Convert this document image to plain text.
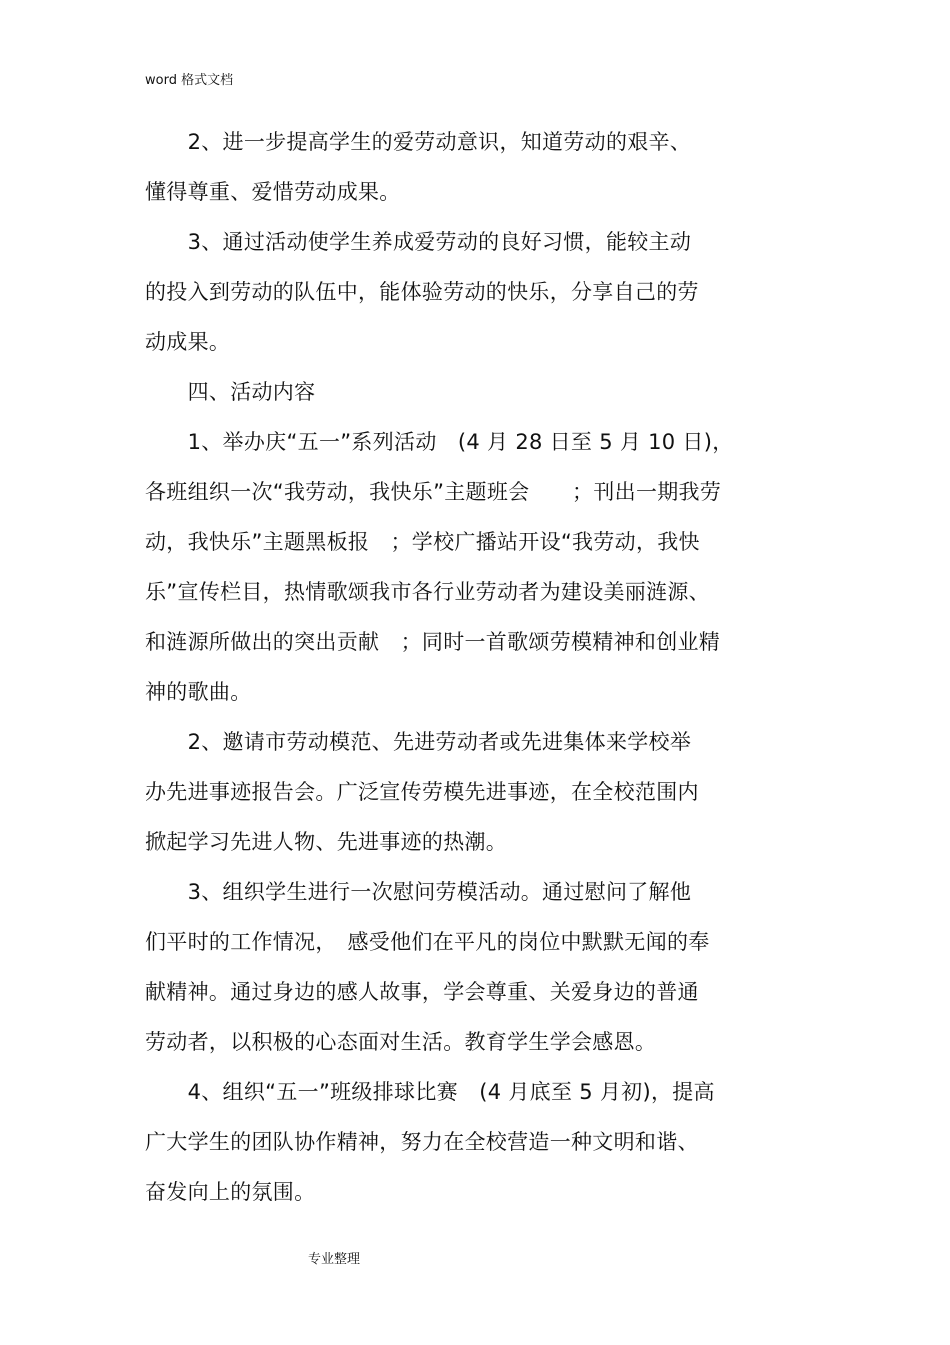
word 格式文档
　　2、进一步提高学生的爱劳动意识，知道劳动的艰辛、
懂得尊重、爱惜劳动成果。
　　3、通过活动使学生养成爱劳动的良好习惯，能较主动
的投入到劳动的队伍中，能体验劳动的快乐，分享自己的劳
动成果。
　　四、活动内容
　　1、举办庆“五一”系列活动　(4 月 28 日至 5 月 10 日)，
各班组织一次“我劳动，我快乐”主题班会　　；刊出一期我劳
动，我快乐”主题黑板报　；学校广播站开设“我劳动，我快
乐”宣传栏目，热情歌颂我市各行业劳动者为建设美丽涟源、
和涟源所做出的突出贡献　；同时一首歌颂劳模精神和创业精
神的歌曲。
　　2、邀请市劳动模范、先进劳动者或先进集体来学校举
办先进事迹报告会。广泛宣传劳模先进事迹，在全校范围内
掀起学习先进人物、先进事迹的热潮。
　　3、组织学生进行一次慰问劳模活动。通过慰问了解他
们平时的工作情况，　感受他们在平凡的岗位中默默无闻的奉
献精神。通过身边的感人故事，学会尊重、关爱身边的普通
劳动者，以积极的心态面对生活。教育学生学会感恩。
　　4、组织“五一”班级排球比赛　(4 月底至 5 月初)，提高
广大学生的团队协作精神，努力在全校营造一种文明和谐、
奋发向上的氛围。
专业整理
